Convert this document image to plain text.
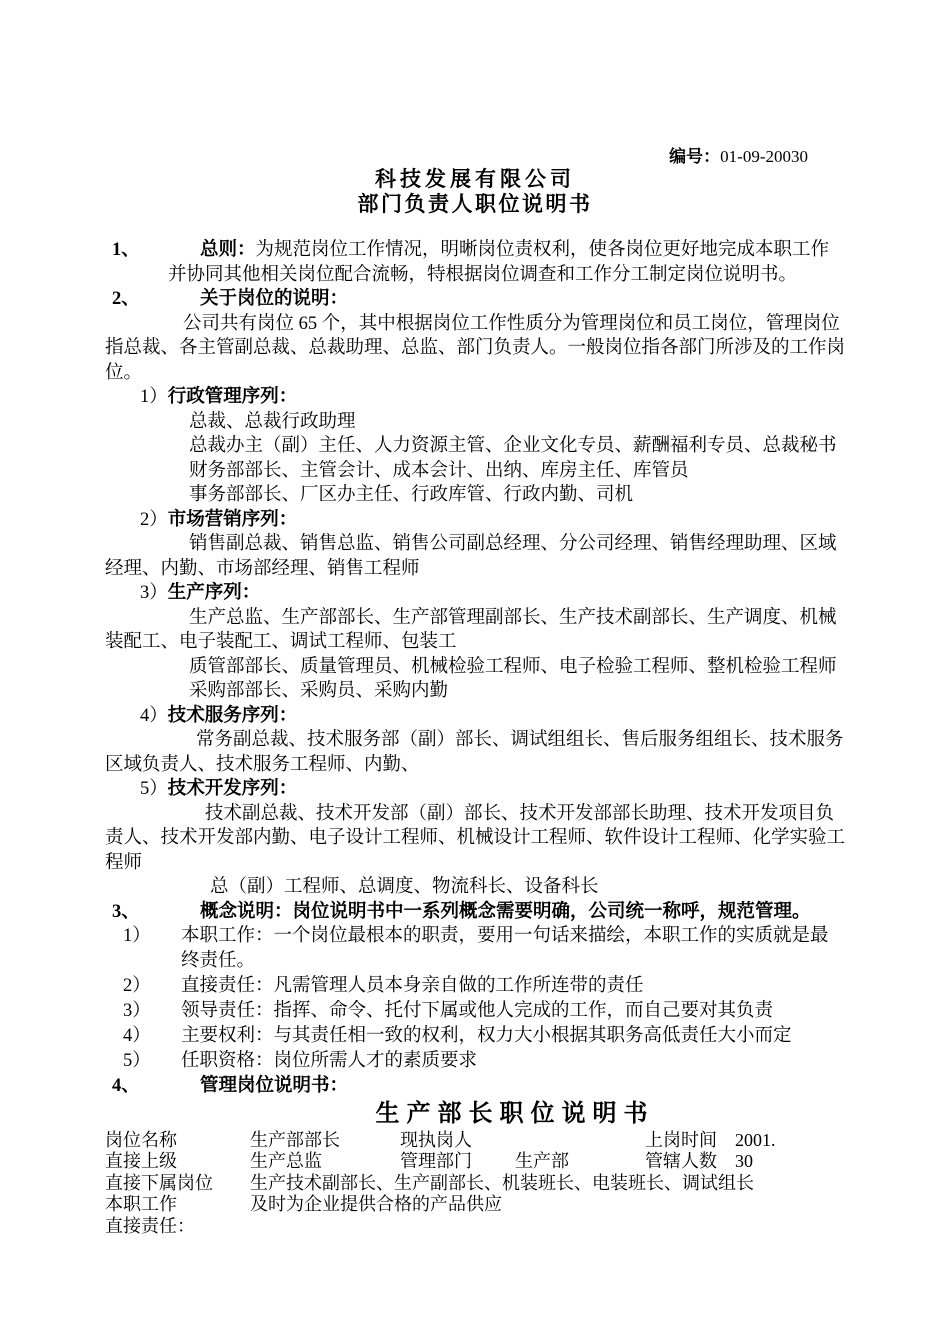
编号：01-09-20030
科技发展有限公司
部门负责人职位说明书
1、	总则：为规范岗位工作情况，明晰岗位责权利，使各岗位更好地完成本职工作并协同其他相关岗位配合流畅，特根据岗位调查和工作分工制定岗位说明书。
2、	关于岗位的说明：
公司共有岗位 65 个，其中根据岗位工作性质分为管理岗位和员工岗位，管理岗位指总裁、各主管副总裁、总裁助理、总监、部门负责人。一般岗位指各部门所涉及的工作岗位。
1）行政管理序列：
总裁、总裁行政助理
总裁办主（副）主任、人力资源主管、企业文化专员、薪酬福利专员、总裁秘书
财务部部长、主管会计、成本会计、出纳、库房主任、库管员
事务部部长、厂区办主任、行政库管、行政内勤、司机
2）市场营销序列：
销售副总裁、销售总监、销售公司副总经理、分公司经理、销售经理助理、区域经理、内勤、市场部经理、销售工程师
3）生产序列：
生产总监、生产部部长、生产部管理副部长、生产技术副部长、生产调度、机械装配工、电子装配工、调试工程师、包装工
质管部部长、质量管理员、机械检验工程师、电子检验工程师、整机检验工程师
采购部部长、采购员、采购内勤
4）技术服务序列：
常务副总裁、技术服务部（副）部长、调试组组长、售后服务组组长、技术服务区域负责人、技术服务工程师、内勤、
5）技术开发序列：
技术副总裁、技术开发部（副）部长、技术开发部部长助理、技术开发项目负责人、技术开发部内勤、电子设计工程师、机械设计工程师、软件设计工程师、化学实验工程师
总（副）工程师、总调度、物流科长、设备科长
3、	概念说明：岗位说明书中一系列概念需要明确，公司统一称呼，规范管理。
1） 本职工作：一个岗位最根本的职责，要用一句话来描绘，本职工作的实质就是最终责任。
2） 直接责任：凡需管理人员本身亲自做的工作所连带的责任
3） 领导责任：指挥、命令、托付下属或他人完成的工作，而自己要对其负责
4） 主要权利：与其责任相一致的权利，权力大小根据其职务高低责任大小而定
5） 任职资格：岗位所需人才的素质要求
4、	管理岗位说明书：
生产部长职位说明书
岗位名称	生产部部长	现执岗人	上岗时间 2001.
直接上级	生产总监	管理部门 生产部	管辖人数 30
直接下属岗位 生产技术副部长、生产副部长、机装班长、电装班长、调试组长
本职工作	及时为企业提供合格的产品供应
直接责任：
